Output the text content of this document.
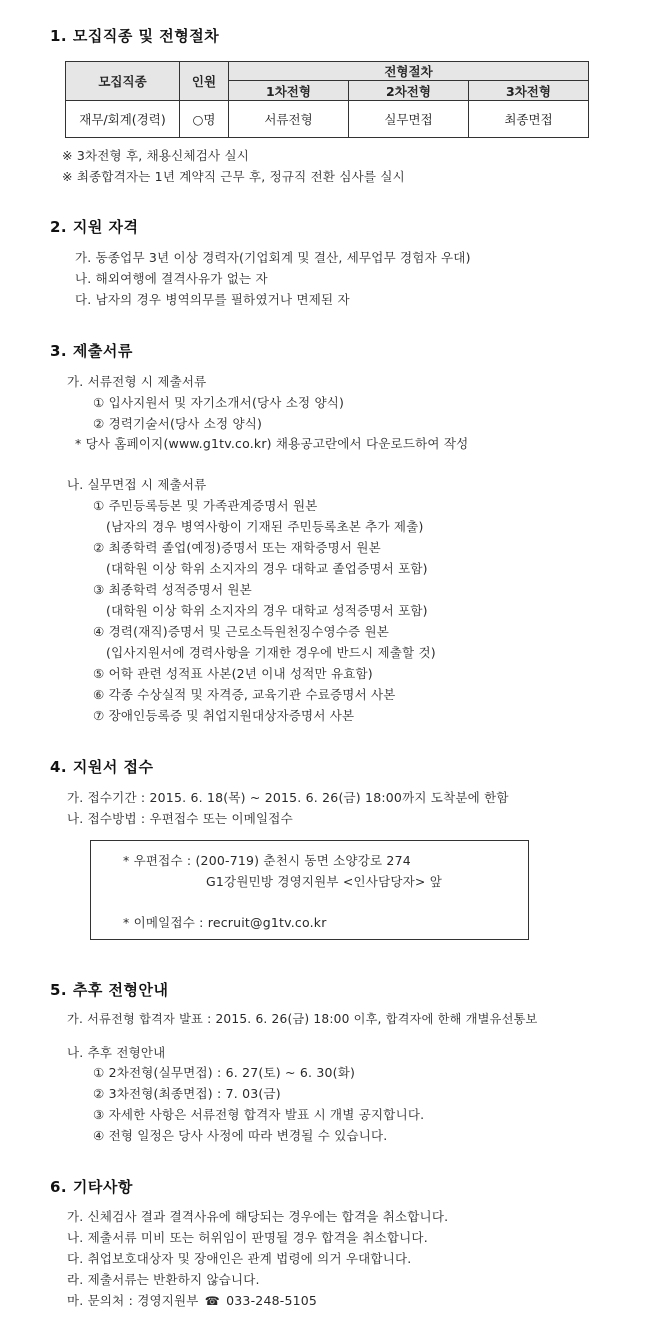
1. 모집직종 및 전형절차
모집직종	인원	전형절차		
		1차전형	2차전형	3차전형
재무/회계(경력)	○명	서류전형	실무면접	최종면접
※ 3차전형 후, 채용신체검사 실시
※ 최종합격자는 1년 계약직 근무 후, 정규직 전환 심사를 실시
2. 지원 자격
가. 동종업무 3년 이상 경력자(기업회계 및 결산, 세무업무 경험자 우대)
나. 해외여행에 결격사유가 없는 자
다. 남자의 경우 병역의무를 필하였거나 면제된 자
3. 제출서류
가. 서류전형 시 제출서류
① 입사지원서 및 자기소개서(당사 소정 양식)
② 경력기술서(당사 소정 양식)
* 당사 홈페이지(www.g1tv.co.kr) 채용공고란에서 다운로드하여 작성
나. 실무면접 시 제출서류
① 주민등록등본 및 가족관계증명서 원본
(남자의 경우 병역사항이 기재된 주민등록초본 추가 제출)
② 최종학력 졸업(예정)증명서 또는 재학증명서 원본
(대학원 이상 학위 소지자의 경우 대학교 졸업증명서 포함)
③ 최종학력 성적증명서 원본
(대학원 이상 학위 소지자의 경우 대학교 성적증명서 포함)
④ 경력(재직)증명서 및 근로소득원천징수영수증 원본
(입사지원서에 경력사항을 기재한 경우에 반드시 제출할 것)
⑤ 어학 관련 성적표 사본(2년 이내 성적만 유효함)
⑥ 각종 수상실적 및 자격증, 교육기관 수료증명서 사본
⑦ 장애인등록증 및 취업지원대상자증명서 사본
4. 지원서 접수
가. 접수기간 : 2015. 6. 18(목) ~ 2015. 6. 26(금) 18:00까지 도착분에 한함
나. 접수방법 : 우편접수 또는 이메일접수
* 우편접수 : (200-719) 춘천시 동면 소양강로 274
G1강원민방 경영지원부 <인사담당자> 앞
* 이메일접수 : recruit@g1tv.co.kr
5. 추후 전형안내
가. 서류전형 합격자 발표 : 2015. 6. 26(금) 18:00 이후, 합격자에 한해 개별유선통보
나. 추후 전형안내
① 2차전형(실무면접) : 6. 27(토) ~ 6. 30(화)
② 3차전형(최종면접) : 7. 03(금)
③ 자세한 사항은 서류전형 합격자 발표 시 개별 공지합니다.
④ 전형 일정은 당사 사정에 따라 변경될 수 있습니다.
6. 기타사항
가. 신체검사 결과 결격사유에 해당되는 경우에는 합격을 취소합니다.
나. 제출서류 미비 또는 허위임이 판명될 경우 합격을 취소합니다.
다. 취업보호대상자 및 장애인은 관계 법령에 의거 우대합니다.
라. 제출서류는 반환하지 않습니다.
마. 문의처 : 경영지원부 ☎ 033-248-5105
